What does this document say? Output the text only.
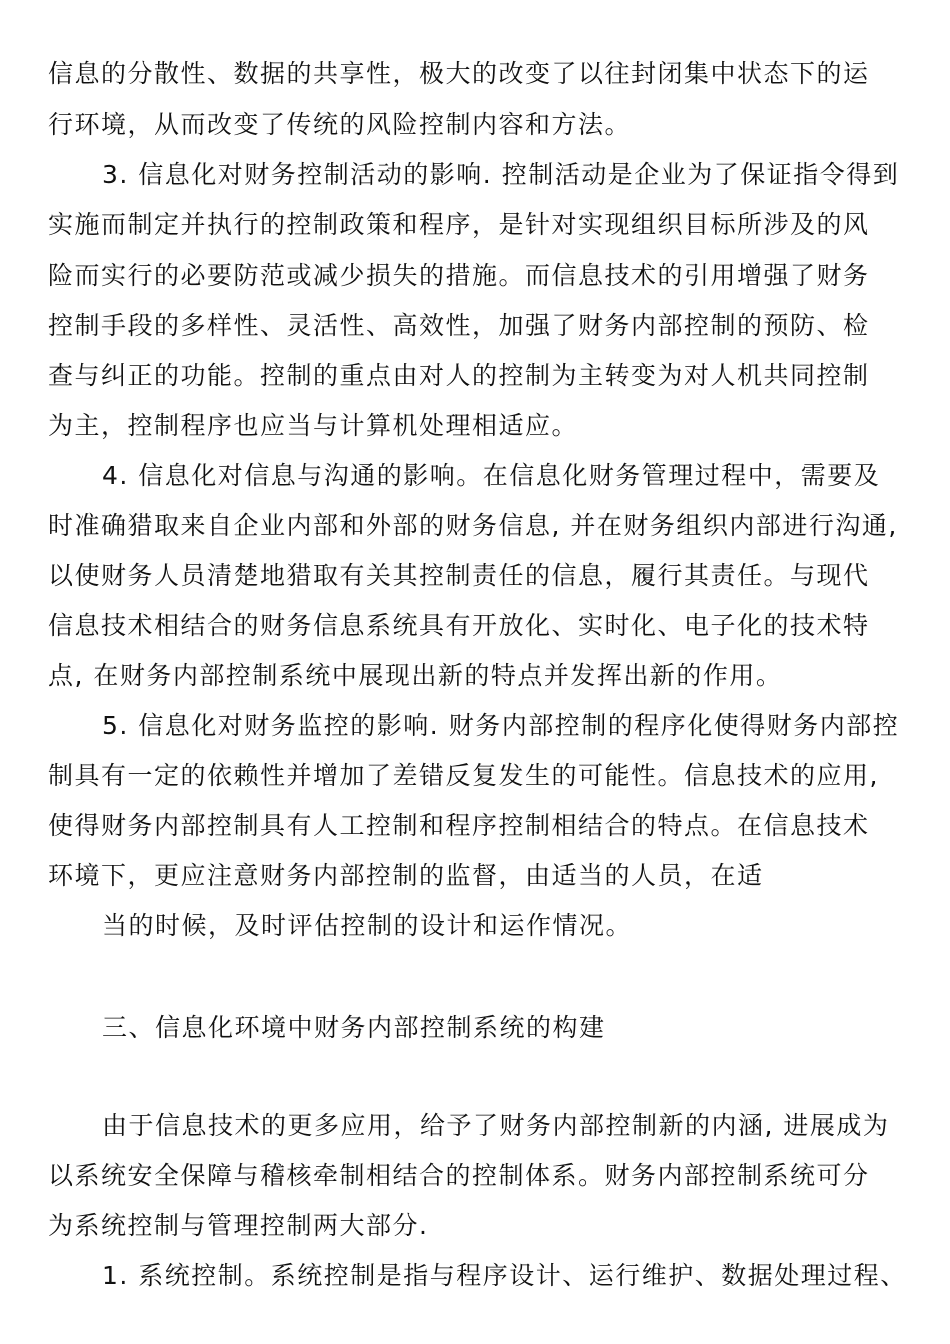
信息的分散性、数据的共享性，极大的改变了以往封闭集中状态下的运
行环境，从而改变了传统的风险控制内容和方法。
3. 信息化对财务控制活动的影响. 控制活动是企业为了保证指令得到
实施而制定并执行的控制政策和程序，是针对实现组织目标所涉及的风
险而实行的必要防范或减少损失的措施。而信息技术的引用增强了财务
控制手段的多样性、灵活性、高效性，加强了财务内部控制的预防、检
查与纠正的功能。控制的重点由对人的控制为主转变为对人机共同控制
为主，控制程序也应当与计算机处理相适应。
4. 信息化对信息与沟通的影响。在信息化财务管理过程中，需要及
时准确猎取来自企业内部和外部的财务信息, 并在财务组织内部进行沟通,
以使财务人员清楚地猎取有关其控制责任的信息，履行其责任。与现代
信息技术相结合的财务信息系统具有开放化、实时化、电子化的技术特
点, 在财务内部控制系统中展现出新的特点并发挥出新的作用。
5. 信息化对财务监控的影响. 财务内部控制的程序化使得财务内部控
制具有一定的依赖性并增加了差错反复发生的可能性。信息技术的应用,
使得财务内部控制具有人工控制和程序控制相结合的特点。在信息技术
环境下，更应注意财务内部控制的监督，由适当的人员，在适
当的时候，及时评估控制的设计和运作情况。
三、信息化环境中财务内部控制系统的构建
由于信息技术的更多应用，给予了财务内部控制新的内涵, 进展成为
以系统安全保障与稽核牵制相结合的控制体系。财务内部控制系统可分
为系统控制与管理控制两大部分.
1. 系统控制。系统控制是指与程序设计、运行维护、数据处理过程、
